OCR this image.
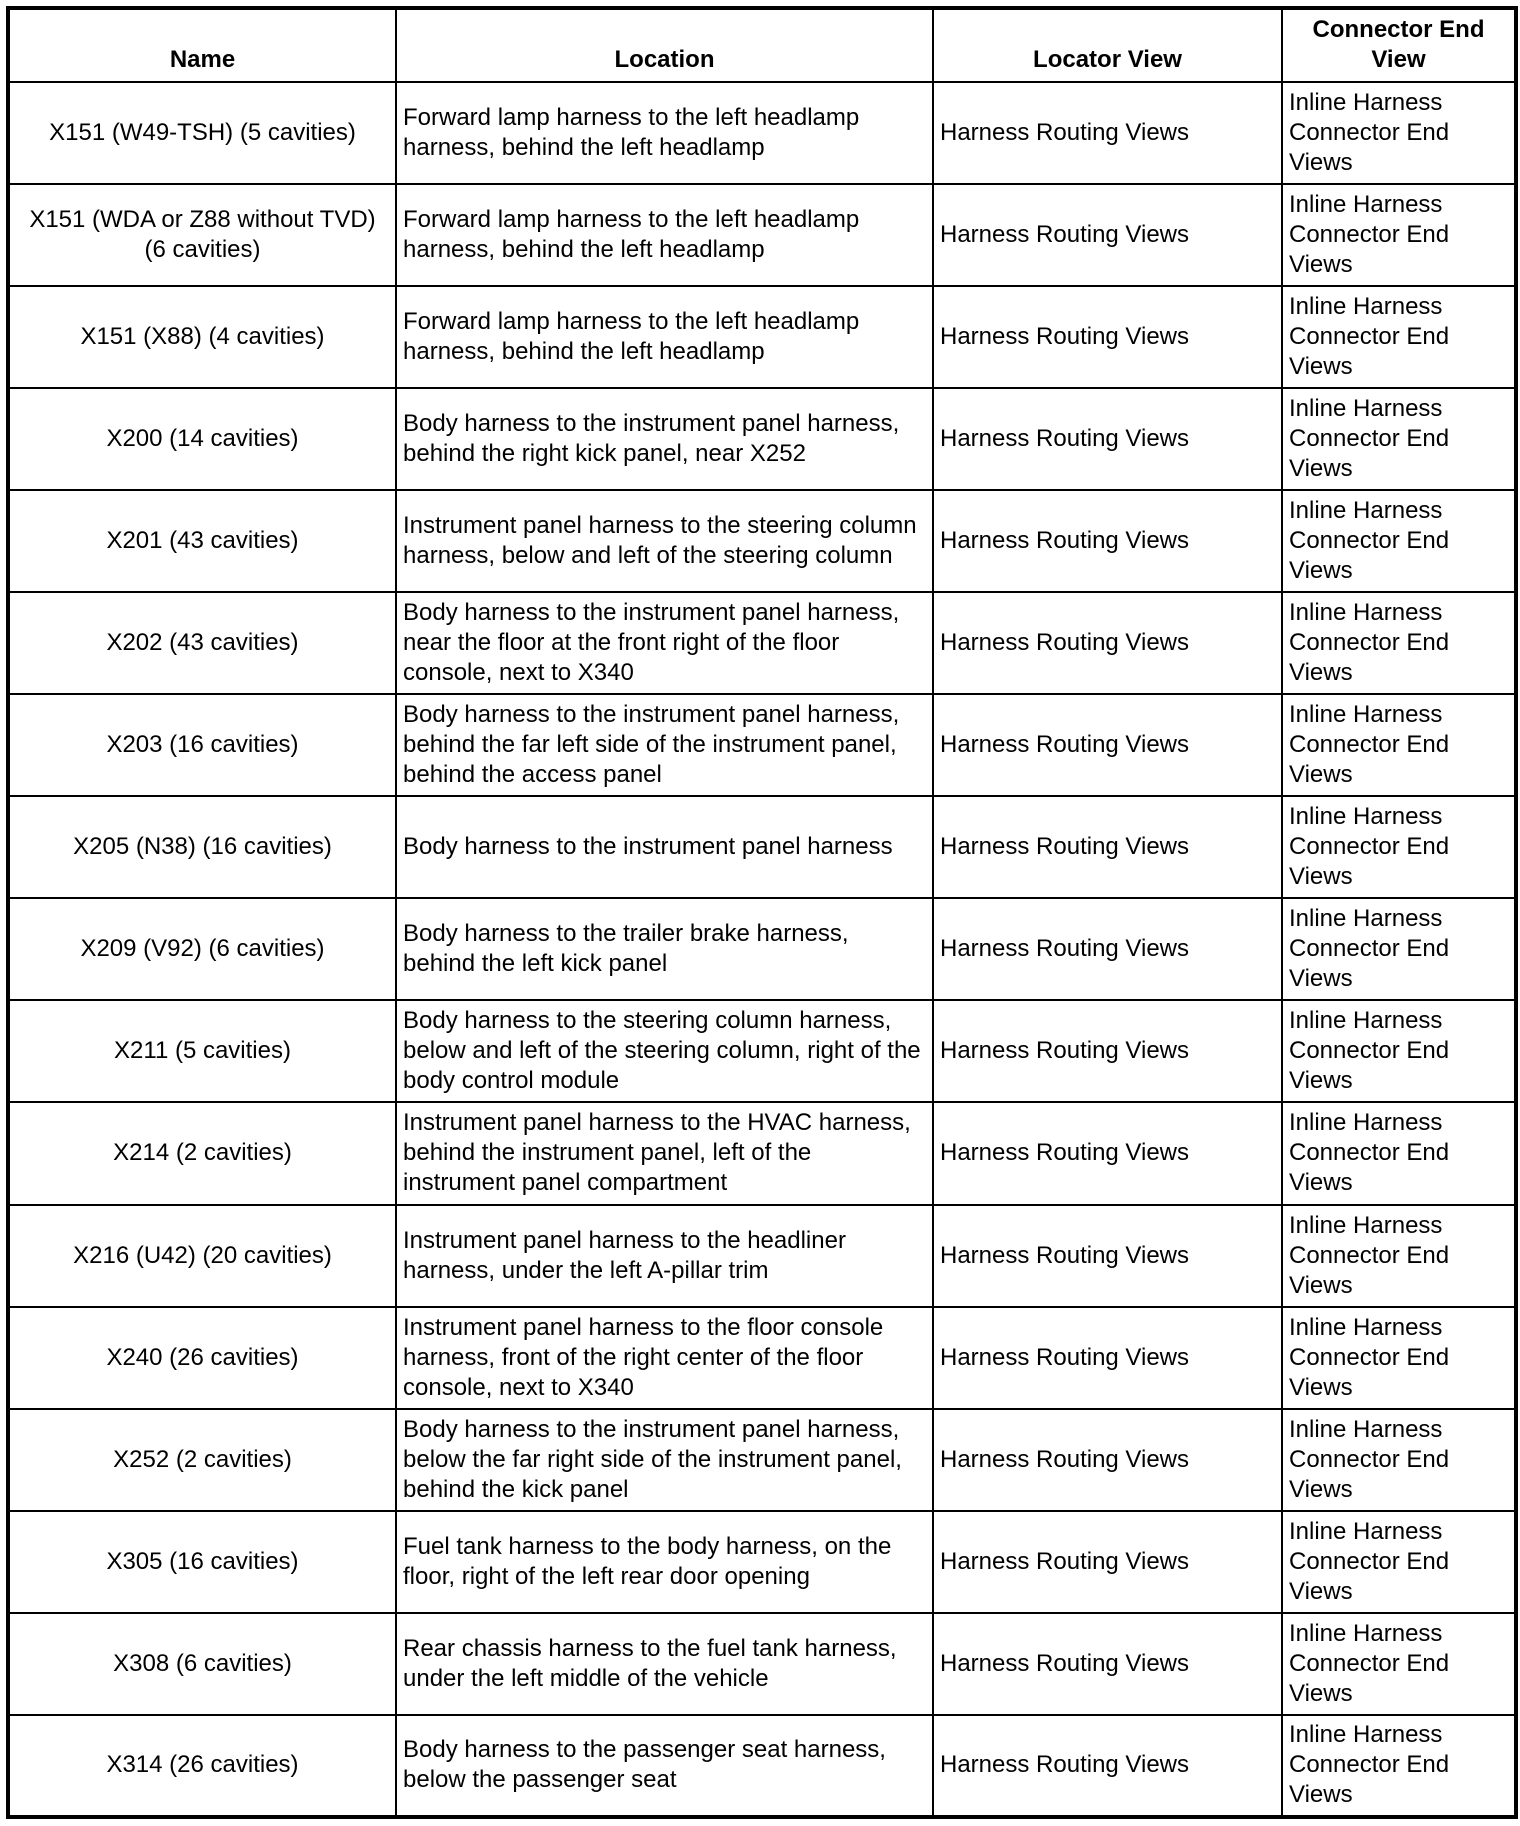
Name	Location	Locator View	Connector End View
X151 (W49-TSH) (5 cavities)	Forward lamp harness to the left headlamp harness, behind the left headlamp	Harness Routing Views	Inline Harness Connector End Views
X151 (WDA or Z88 without TVD) (6 cavities)	Forward lamp harness to the left headlamp harness, behind the left headlamp	Harness Routing Views	Inline Harness Connector End Views
X151 (X88) (4 cavities)	Forward lamp harness to the left headlamp harness, behind the left headlamp	Harness Routing Views	Inline Harness Connector End Views
X200 (14 cavities)	Body harness to the instrument panel harness, behind the right kick panel, near X252	Harness Routing Views	Inline Harness Connector End Views
X201 (43 cavities)	Instrument panel harness to the steering column harness, below and left of the steering column	Harness Routing Views	Inline Harness Connector End Views
X202 (43 cavities)	Body harness to the instrument panel harness, near the floor at the front right of the floor console, next to X340	Harness Routing Views	Inline Harness Connector End Views
X203 (16 cavities)	Body harness to the instrument panel harness, behind the far left side of the instrument panel, behind the access panel	Harness Routing Views	Inline Harness Connector End Views
X205 (N38) (16 cavities)	Body harness to the instrument panel harness	Harness Routing Views	Inline Harness Connector End Views
X209 (V92) (6 cavities)	Body harness to the trailer brake harness, behind the left kick panel	Harness Routing Views	Inline Harness Connector End Views
X211 (5 cavities)	Body harness to the steering column harness, below and left of the steering column, right of the body control module	Harness Routing Views	Inline Harness Connector End Views
X214 (2 cavities)	Instrument panel harness to the HVAC harness, behind the instrument panel, left of the instrument panel compartment	Harness Routing Views	Inline Harness Connector End Views
X216 (U42) (20 cavities)	Instrument panel harness to the headliner harness, under the left A-pillar trim	Harness Routing Views	Inline Harness Connector End Views
X240 (26 cavities)	Instrument panel harness to the floor console harness, front of the right center of the floor console, next to X340	Harness Routing Views	Inline Harness Connector End Views
X252 (2 cavities)	Body harness to the instrument panel harness, below the far right side of the instrument panel, behind the kick panel	Harness Routing Views	Inline Harness Connector End Views
X305 (16 cavities)	Fuel tank harness to the body harness, on the floor, right of the left rear door opening	Harness Routing Views	Inline Harness Connector End Views
X308 (6 cavities)	Rear chassis harness to the fuel tank harness, under the left middle of the vehicle	Harness Routing Views	Inline Harness Connector End Views
X314 (26 cavities)	Body harness to the passenger seat harness, below the passenger seat	Harness Routing Views	Inline Harness Connector End Views
